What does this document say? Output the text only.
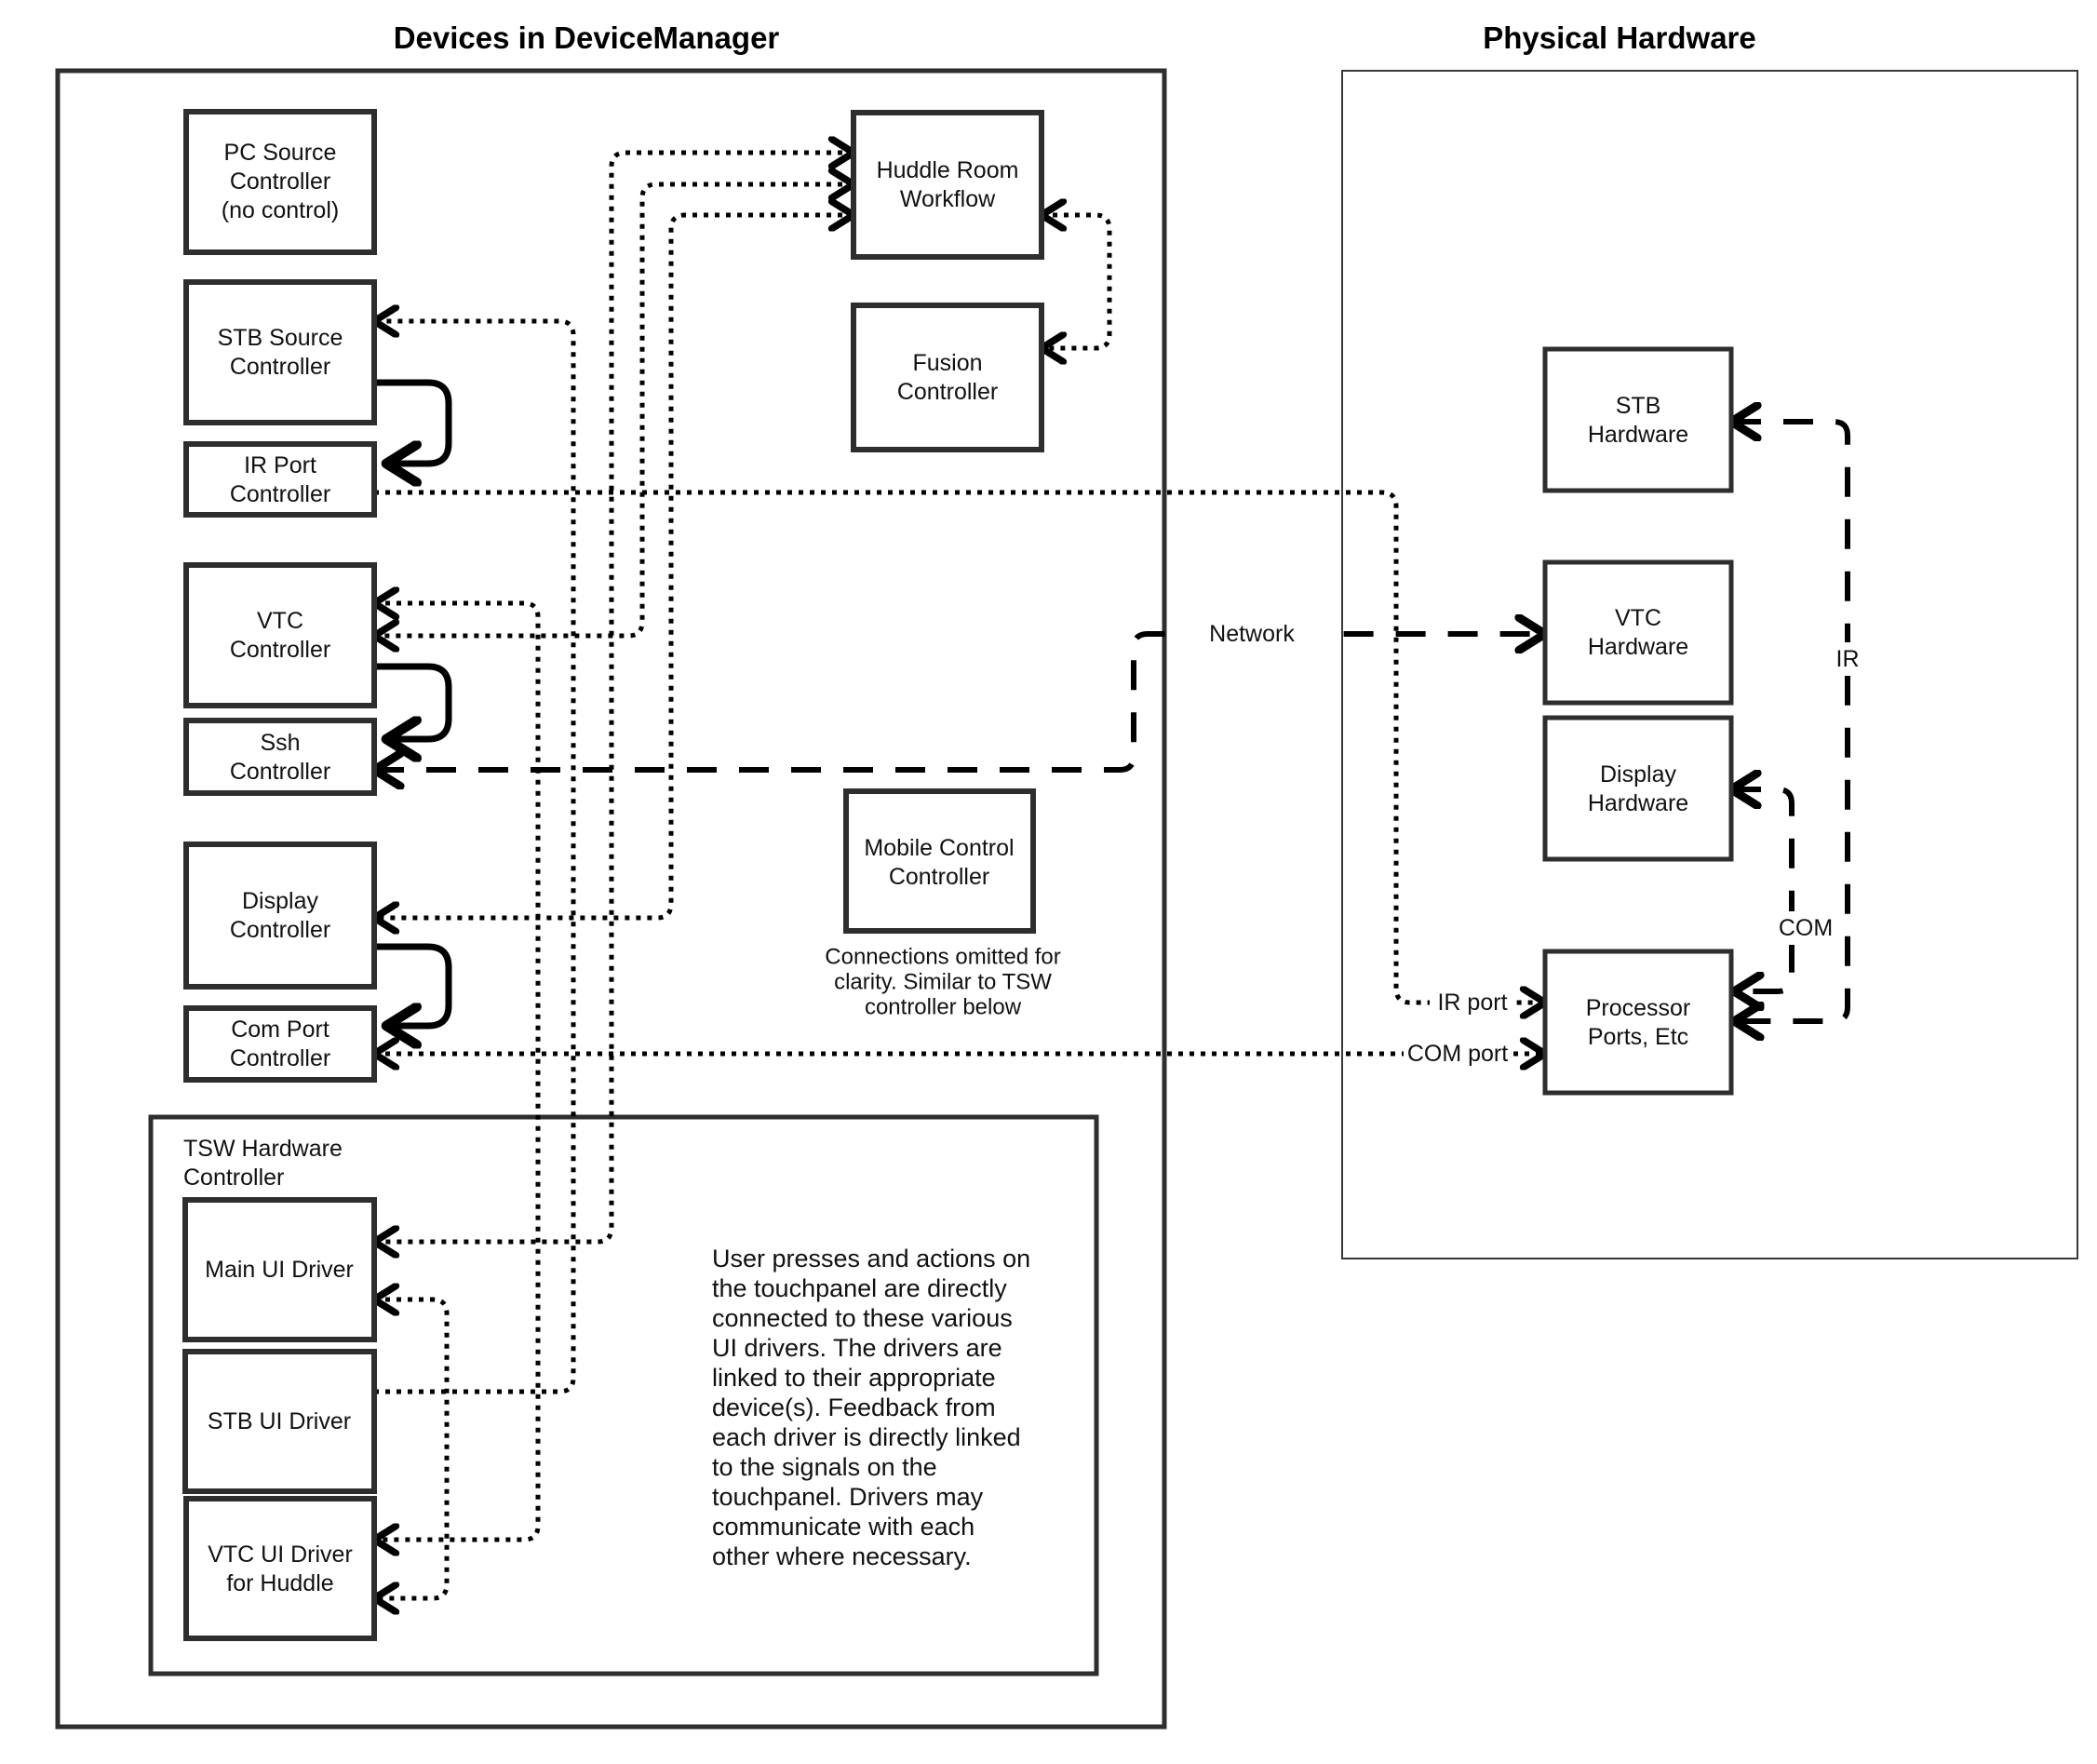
Devices in DeviceManager	Physical Hardware
Network
IR
COM
IR port
COM port
PC Source
Controller
(no control)
STB Source
Controller
IR Port
Controller
VTC
Controller
Ssh
Controller
Display
Controller
Com Port
Controller
Huddle Room
Workflow
Fusion
Controller
Mobile Control
Controller
Connections omitted for
clarity. Similar to TSW
controller below
TSW Hardware
Controller
Main UI Driver
STB UI Driver
VTC UI Driver
for Huddle
User presses and actions on
the touchpanel are directly
connected to these various
UI drivers. The drivers are
linked to their appropriate
device(s). Feedback from
each driver is directly linked
to the signals on the
touchpanel. Drivers may
communicate with each
other where necessary.
STB
Hardware
VTC
Hardware
Display
Hardware
Processor
Ports, Etc
